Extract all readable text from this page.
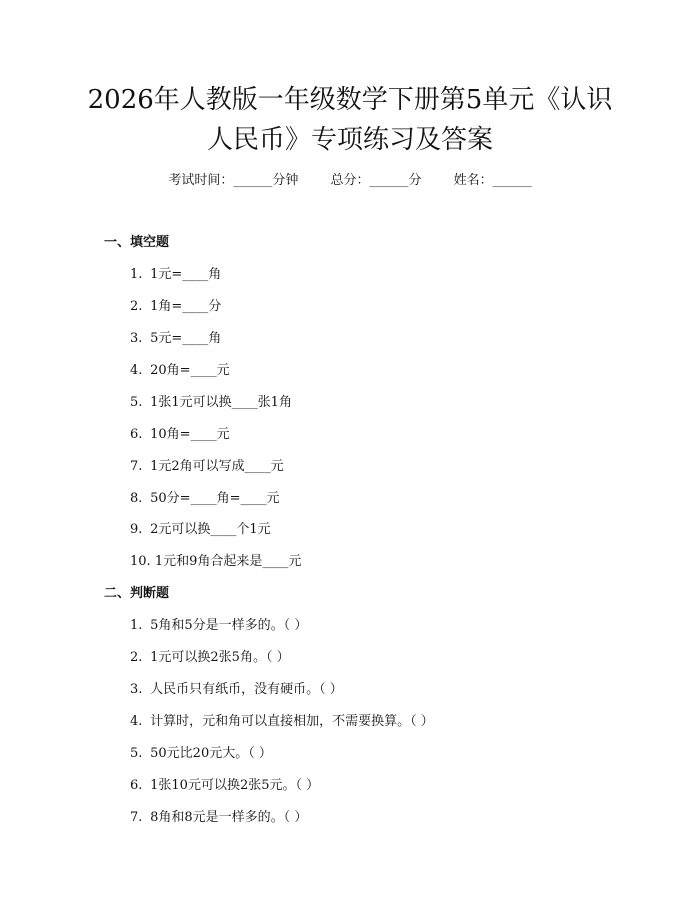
2026年人教版一年级数学下册第5单元《认识人民币》专项练习及答案
考试时间：______分钟 总分：______分 姓名：______
一、填空题
1. 1元=____角
2. 1角=____分
3. 5元=____角
4. 20角=____元
5. 1张1元可以换____张1角
6. 10角=____元
7. 1元2角可以写成____元
8. 50分=____角=____元
9. 2元可以换____个1元
10. 1元和9角合起来是____元
二、判断题
1. 5角和5分是一样多的。（ ）
2. 1元可以换2张5角。（ ）
3. 人民币只有纸币，没有硬币。（ ）
4. 计算时，元和角可以直接相加，不需要换算。（ ）
5. 50元比20元大。（ ）
6. 1张10元可以换2张5元。（ ）
7. 8角和8元是一样多的。（ ）
